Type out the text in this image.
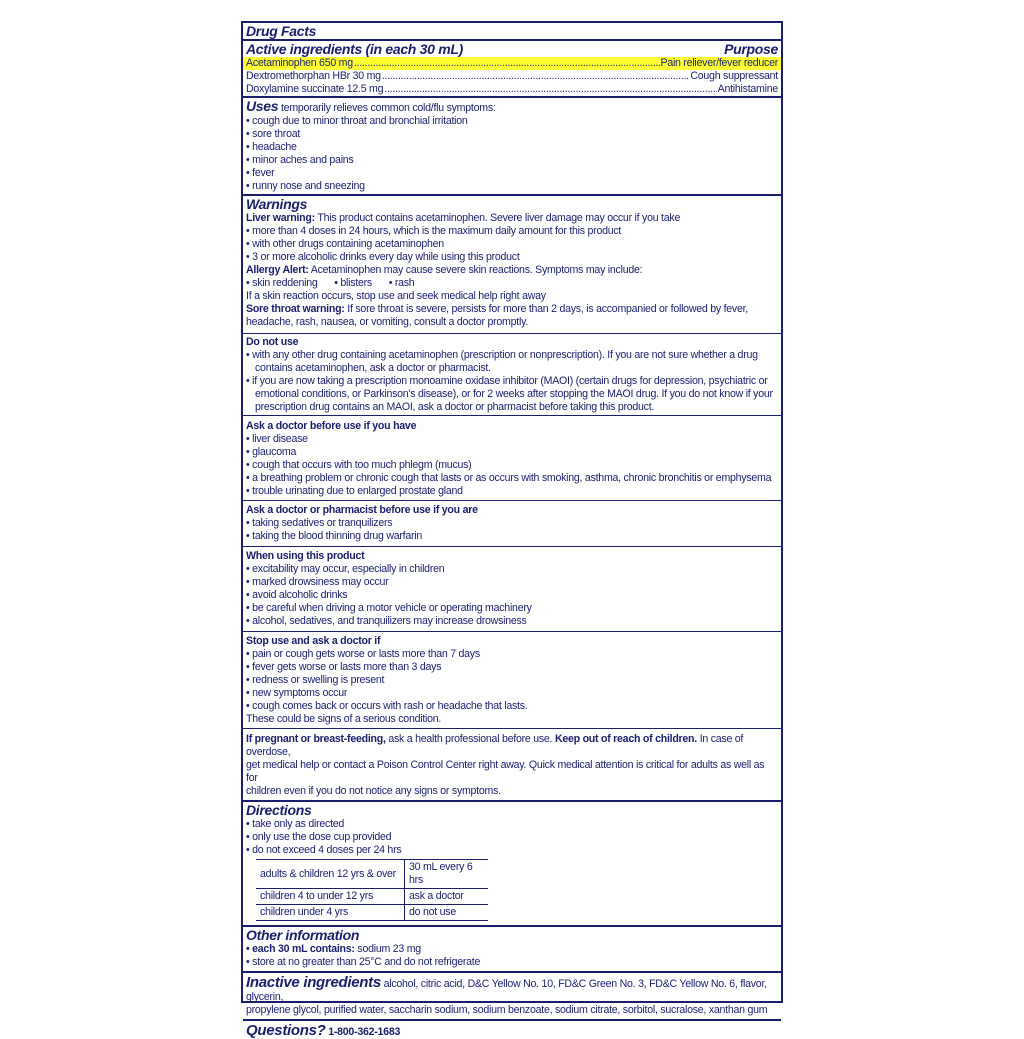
Drug Facts
Active ingredients (in each 30 mL)	Purpose
Acetaminophen 650 mg .....	Pain reliever/fever reducer
Dextromethorphan HBr 30 mg .....	Cough suppressant
Doxylamine succinate 12.5 mg .....	Antihistamine
Uses temporarily relieves common cold/flu symptoms:
• cough due to minor throat and bronchial irritation
• sore throat
• headache
• minor aches and pains
• fever
• runny nose and sneezing
Warnings
Liver warning: This product contains acetaminophen. Severe liver damage may occur if you take
• more than 4 doses in 24 hours, which is the maximum daily amount for this product
• with other drugs containing acetaminophen
• 3 or more alcoholic drinks every day while using this product
Allergy Alert: Acetaminophen may cause severe skin reactions. Symptoms may include:
• skin reddening • blisters • rash
If a skin reaction occurs, stop use and seek medical help right away
Sore throat warning: If sore throat is severe, persists for more than 2 days, is accompanied or followed by fever,
headache, rash, nausea, or vomiting, consult a doctor promptly.
Do not use
• with any other drug containing acetaminophen (prescription or nonprescription). If you are not sure whether a drug
contains acetaminophen, ask a doctor or pharmacist.
• if you are now taking a prescription monoamine oxidase inhibitor (MAOI) (certain drugs for depression, psychiatric or
emotional conditions, or Parkinson's disease), or for 2 weeks after stopping the MAOI drug. If you do not know if your
prescription drug contains an MAOI, ask a doctor or pharmacist before taking this product.
Ask a doctor before use if you have
• liver disease
• glaucoma
• cough that occurs with too much phlegm (mucus)
• a breathing problem or chronic cough that lasts or as occurs with smoking, asthma, chronic bronchitis or emphysema
• trouble urinating due to enlarged prostate gland
Ask a doctor or pharmacist before use if you are
• taking sedatives or tranquilizers
• taking the blood thinning drug warfarin
When using this product
• excitability may occur, especially in children
• marked drowsiness may occur
• avoid alcoholic drinks
• be careful when driving a motor vehicle or operating machinery
• alcohol, sedatives, and tranquilizers may increase drowsiness
Stop use and ask a doctor if
• pain or cough gets worse or lasts more than 7 days
• fever gets worse or lasts more than 3 days
• redness or swelling is present
• new symptoms occur
• cough comes back or occurs with rash or headache that lasts.
These could be signs of a serious condition.
If pregnant or breast-feeding, ask a health professional before use. Keep out of reach of children. In case of overdose,
get medical help or contact a Poison Control Center right away. Quick medical attention is critical for adults as well as for
children even if you do not notice any signs or symptoms.
Directions
• take only as directed
• only use the dose cup provided
• do not exceed 4 doses per 24 hrs
adults & children 12 yrs & over	30 mL every 6 hrs
children 4 to under 12 yrs	ask a doctor
children under 4 yrs	do not use
Other information
• each 30 mL contains: sodium 23 mg
• store at no greater than 25°C and do not refrigerate
Inactive ingredients alcohol, citric acid, D&C Yellow No. 10, FD&C Green No. 3, FD&C Yellow No. 6, flavor, glycerin,
propylene glycol, purified water, saccharin sodium, sodium benzoate, sodium citrate, sorbitol, sucralose, xanthan gum
Questions? 1-800-362-1683
